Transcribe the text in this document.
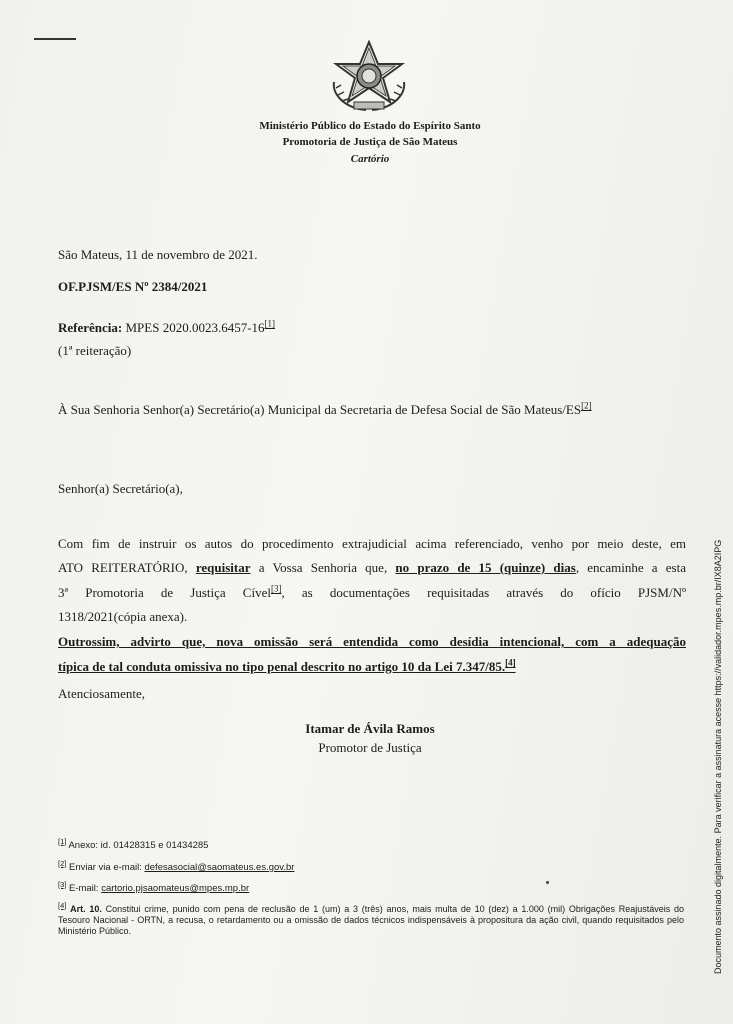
Ministério Público do Estado do Espírito Santo
Promotoria de Justiça de São Mateus
Cartório
São Mateus, 11 de novembro de 2021.
OF.PJSM/ES Nº 2384/2021
Referência: MPES 2020.0023.6457-16[1]
(1ª reiteração)
À Sua Senhoria Senhor(a) Secretário(a) Municipal da Secretaria de Defesa Social de São Mateus/ES[2]
Senhor(a) Secretário(a),
Com fim de instruir os autos do procedimento extrajudicial acima referenciado, venho por meio deste, em
ATO REITERATÓRIO, requisitar a Vossa Senhoria que, no prazo de 15 (quinze) dias, encaminhe a esta
3ª Promotoria de Justiça Cível[3], as documentações requisitadas através do ofício PJSM/Nº
1318/2021(cópia anexa).
Outrossim, advirto que, nova omissão será entendida como desídia intencional, com a adequação
típica de tal conduta omissiva no tipo penal descrito no artigo 10 da Lei 7.347/85.[4]
Atenciosamente,
Itamar de Ávila Ramos
Promotor de Justiça
[1] Anexo: id. 01428315 e 01434285
[2] Enviar via e-mail: defesasocial@saomateus.es.gov.br
[3] E-mail: cartorio.pjsaomateus@mpes.mp.br
[4] Art. 10. Constitui crime, punido com pena de reclusão de 1 (um) a 3 (três) anos, mais multa de 10 (dez) a 1.000 (mil) Obrigações Reajustáveis do Tesouro Nacional - ORTN, a recusa, o retardamento ou a omissão de dados técnicos indispensáveis à propositura da ação civil, quando requisitados pelo Ministério Público.	Documento assinado digitalmente. Para verificar a assinatura acesse https://validador.mpes.mp.br/IX8A2IPG
